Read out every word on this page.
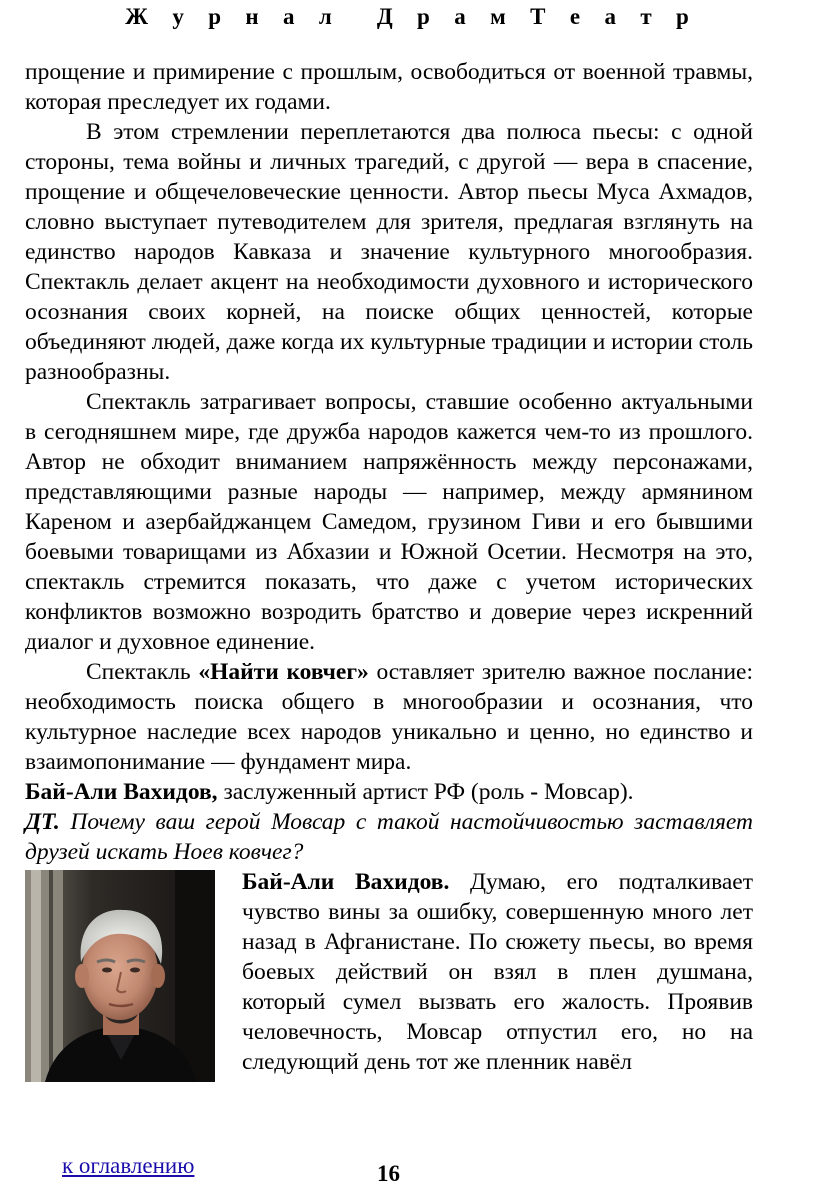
Ж у р н а л Д р а м Т е а т р

прощение и примирение с прошлым, освободиться от военной травмы, которая преследует их годами.

В этом стремлении переплетаются два полюса пьесы: с одной стороны, тема войны и личных трагедий, с другой — вера в спасение, прощение и общечеловеческие ценности. Автор пьесы Муса Ахмадов, словно выступает путеводителем для зрителя, предлагая взглянуть на единство народов Кавказа и значение культурного многообразия. Спектакль делает акцент на необходимости духовного и исторического осознания своих корней, на поиске общих ценностей, которые объединяют людей, даже когда их культурные традиции и истории столь разнообразны.

Спектакль затрагивает вопросы, ставшие особенно актуальными в сегодняшнем мире, где дружба народов кажется чем-то из прошлого. Автор не обходит вниманием напряжённость между персонажами, представляющими разные народы — например, между армянином Кареном и азербайджанцем Самедом, грузином Гиви и его бывшими боевыми товарищами из Абхазии и Южной Осетии. Несмотря на это, спектакль стремится показать, что даже с учетом исторических конфликтов возможно возродить братство и доверие через искренний диалог и духовное единение.

Спектакль «Найти ковчег» оставляет зрителю важное послание: необходимость поиска общего в многообразии и осознания, что культурное наследие всех народов уникально и ценно, но единство и взаимопонимание — фундамент мира.

Бай-Али Вахидов, заслуженный артист РФ (роль - Мовсар).

ДТ. Почему ваш герой Мовсар с такой настойчивостью заставляет друзей искать Ноев ковчег?

Бай-Али Вахидов. Думаю, его подталкивает чувство вины за ошибку, совершенную много лет назад в Афганистане. По сюжету пьесы, во время боевых действий он взял в плен душмана, который сумел вызвать его жалость. Проявив человечность, Мовсар отпустил его, но на следующий день тот же пленник навёл

к оглавлению	16
